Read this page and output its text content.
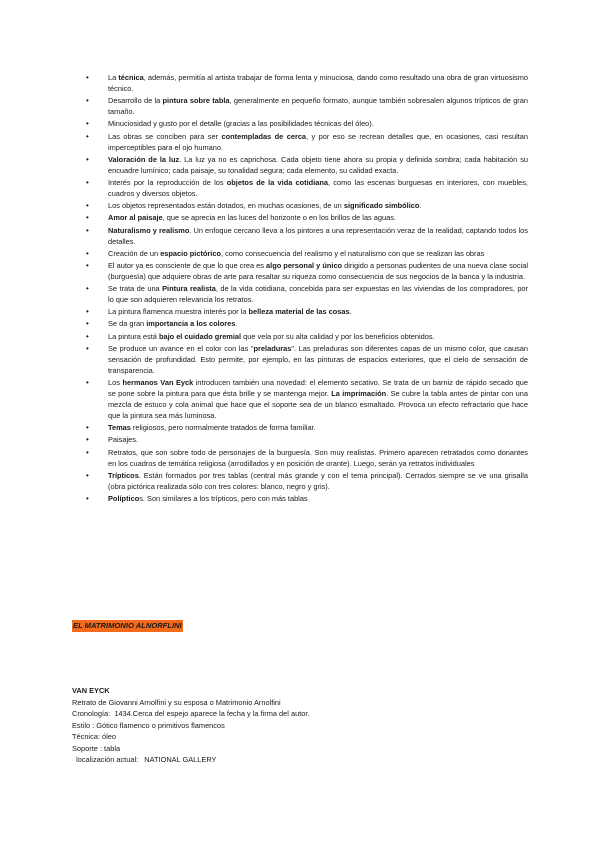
• La técnica, además, permitía al artista trabajar de forma lenta y minuciosa, dando como resultado una obra de gran virtuosismo técnico.
• Desarrollo de la pintura sobre tabla, generalmente en pequeño formato, aunque también sobresalen algunos trípticos de gran tamaño.
• Minuciosidad y gusto por el detalle (gracias a las posibilidades técnicas del óleo).
• Las obras se conciben para ser contempladas de cerca, y por eso se recrean detalles que, en ocasiones, casi resultan imperceptibles para el ojo humano.
• Valoración de la luz. La luz ya no es caprichosa. Cada objeto tiene ahora su propia y definida sombra; cada habitación su encuadre lumínico; cada paisaje, su tonalidad segura; cada elemento, su calidad exacta.
• Interés por la reproducción de los objetos de la vida cotidiana, como las escenas burguesas en interiores, con muebles, cuadros y diversos objetos.
• Los objetos representados están dotados, en muchas ocasiones, de un significado simbólico.
• Amor al paisaje, que se aprecia en las luces del horizonte o en los brillos de las aguas.
• Naturalismo y realismo. Un enfoque cercano lleva a los pintores a una representación veraz de la realidad, captando todos los detalles.
• Creación de un espacio pictórico, como consecuencia del realismo y el naturalismo con que se realizan las obras
• El autor ya es consciente de que lo que crea es algo personal y único dirigido a personas pudientes de una nueva clase social (burguesía) que adquiere obras de arte para resaltar su riqueza como consecuencia de sus negocios de la banca y la industria.
• Se trata de una Pintura realista, de la vida cotidiana, concebida para ser expuestas en las viviendas de los compradores, por lo que son adquieren relevancia los retratos.
• La pintura flamenca muestra interés por la belleza material de las cosas.
• Se da gran importancia a los colores.
• La pintura está bajo el cuidado gremial que vela por su alta calidad y por los beneficios obtenidos.
• Se produce un avance en el color con las "preladuras". Las preladuras son diferentes capas de un mismo color, que causan sensación de profundidad. Esto permite, por ejemplo, en las pinturas de espacios exteriores, que el cielo de sensación de transparencia.
• Los hermanos Van Eyck introducen también una novedad: el elemento secativo. Se trata de un barniz de rápido secado que se pone sobre la pintura para que ésta brille y se mantenga mejor. La imprimación. Se cubre la tabla antes de pintar con una mezcla de estuco y cola animal que hace que el soporte sea de un blanco esmaltado. Provoca un efecto refractario que hace que la pintura sea más luminosa.
• Temas religiosos, pero normalmente tratados de forma familiar.
• Paisajes.
• Retratos, que son sobre todo de personajes de la burguesía. Son muy realistas. Primero aparecen retratados como donantes en los cuadros de temática religiosa (arrodillados y en posición de orante). Luego, serán ya retratos individuales
• Trípticos. Están formados por tres tablas (central más grande y con el tema principal). Cerrados siempre se ve una grisalla (obra pictórica realizada sólo con tres colores: blanco, negro y gris).
• Polípticos. Son similares a los trípticos, pero con más tablas
EL MATRIMONIO ALNORFLINI
VAN EYCK
Retrato de Giovanni Arnolfini y su esposa o Matrimonio Arnolfini
Cronología:  1434.Cerca del espejo aparece la fecha y la firma del autor.
Estilo : Gótico flamenco o primitivos flamencos
Técnica: óleo
Soporte : tabla
localización actual:   NATIONAL GALLERY
